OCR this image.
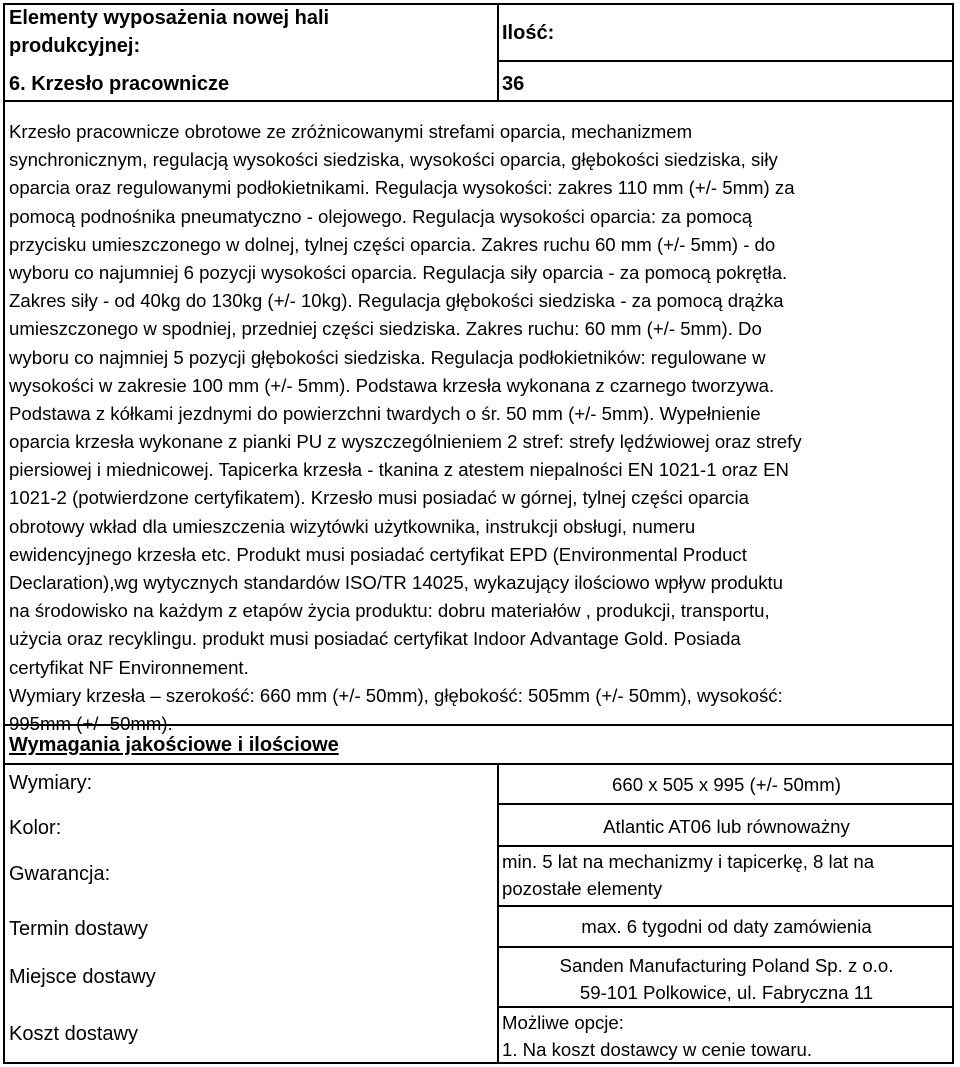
Elementy wyposażenia nowej hali
produkcyjnej:
Ilość:
6. Krzesło pracownicze	36
Krzesło pracownicze obrotowe ze zróżnicowanymi strefami oparcia, mechanizmem
synchronicznym, regulacją wysokości siedziska, wysokości oparcia, głębokości siedziska, siły
oparcia oraz regulowanymi podłokietnikami. Regulacja wysokości: zakres 110 mm (+/- 5mm) za
pomocą podnośnika pneumatyczno - olejowego. Regulacja wysokości oparcia: za pomocą
przycisku umieszczonego w dolnej, tylnej części oparcia. Zakres ruchu 60 mm (+/- 5mm) - do
wyboru co najumniej 6 pozycji wysokości oparcia. Regulacja siły oparcia - za pomocą pokrętła.
Zakres siły - od 40kg do 130kg (+/- 10kg). Regulacja głębokości siedziska - za pomocą drążka
umieszczonego w spodniej, przedniej części siedziska. Zakres ruchu: 60 mm (+/- 5mm). Do
wyboru co najmniej 5 pozycji głębokości siedziska. Regulacja podłokietników: regulowane w
wysokości w zakresie 100 mm (+/- 5mm). Podstawa krzesła wykonana z czarnego tworzywa.
Podstawa z kółkami jezdnymi do powierzchni twardych o śr. 50 mm (+/- 5mm). Wypełnienie
oparcia krzesła wykonane z pianki PU z wyszczególnieniem 2 stref: strefy lędźwiowej oraz strefy
piersiowej i miednicowej. Tapicerka krzesła - tkanina z atestem niepalności EN 1021-1 oraz EN
1021-2 (potwierdzone certyfikatem). Krzesło musi posiadać w górnej, tylnej części oparcia
obrotowy wkład dla umieszczenia wizytówki użytkownika, instrukcji obsługi, numeru
ewidencyjnego krzesła etc. Produkt musi posiadać certyfikat EPD (Environmental Product
Declaration),wg wytycznych standardów ISO/TR 14025, wykazujący ilościowo wpływ produktu
na środowisko na każdym z etapów życia produktu: dobru materiałów , produkcji, transportu,
użycia oraz recyklingu. produkt musi posiadać certyfikat Indoor Advantage Gold. Posiada
certyfikat NF Environnement.
Wymiary krzesła – szerokość: 660 mm (+/- 50mm), głębokość: 505mm (+/- 50mm), wysokość:
995mm (+/- 50mm).
Wymagania jakościowe i ilościowe
Wymiary:
Kolor:
Gwarancja:
Termin dostawy
Miejsce dostawy
Koszt dostawy
660 x 505 x 995 (+/- 50mm)
Atlantic AT06 lub równoważny
min. 5 lat na mechanizmy i tapicerkę, 8 lat na
pozostałe elementy
max. 6 tygodni od daty zamówienia
Sanden Manufacturing Poland Sp. z o.o.
59-101 Polkowice, ul. Fabryczna 11
Możliwe opcje:
1. Na koszt dostawcy w cenie towaru.
